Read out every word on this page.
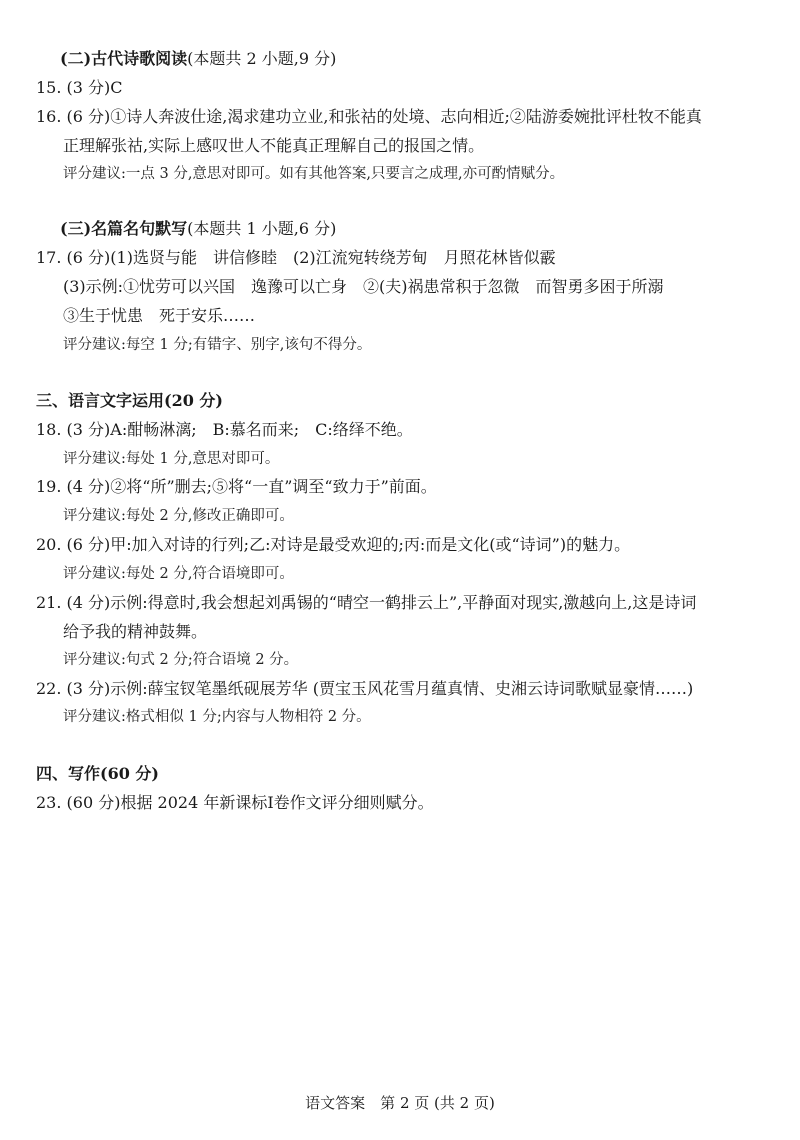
(二)古代诗歌阅读(本题共 2 小题,9 分)
15. (3 分)C
16. (6 分)①诗人奔波仕途,渴求建功立业,和张祜的处境、志向相近;②陆游委婉批评杜牧不能真
正理解张祜,实际上感叹世人不能真正理解自己的报国之情。
评分建议:一点 3 分,意思对即可。如有其他答案,只要言之成理,亦可酌情赋分。
(三)名篇名句默写(本题共 1 小题,6 分)
17. (6 分)(1)选贤与能　讲信修睦　(2)江流宛转绕芳甸　月照花林皆似霰
(3)示例:①忧劳可以兴国　逸豫可以亡身　②(夫)祸患常积于忽微　而智勇多困于所溺
③生于忧患　死于安乐……
评分建议:每空 1 分;有错字、别字,该句不得分。
三、语言文字运用(20 分)
18. (3 分)A:酣畅淋漓;　B:慕名而来;　C:络绎不绝。
评分建议:每处 1 分,意思对即可。
19. (4 分)②将“所”删去;⑤将“一直”调至“致力于”前面。
评分建议:每处 2 分,修改正确即可。
20. (6 分)甲:加入对诗的行列;乙:对诗是最受欢迎的;丙:而是文化(或“诗词”)的魅力。
评分建议:每处 2 分,符合语境即可。
21. (4 分)示例:得意时,我会想起刘禹锡的“晴空一鹤排云上”,平静面对现实,激越向上,这是诗词
给予我的精神鼓舞。
评分建议:句式 2 分;符合语境 2 分。
22. (3 分)示例:薛宝钗笔墨纸砚展芳华 (贾宝玉风花雪月蕴真情、史湘云诗词歌赋显豪情……)
评分建议:格式相似 1 分;内容与人物相符 2 分。
四、写作(60 分)
23. (60 分)根据 2024 年新课标Ⅰ卷作文评分细则赋分。
语文答案　第 2 页 (共 2 页)
